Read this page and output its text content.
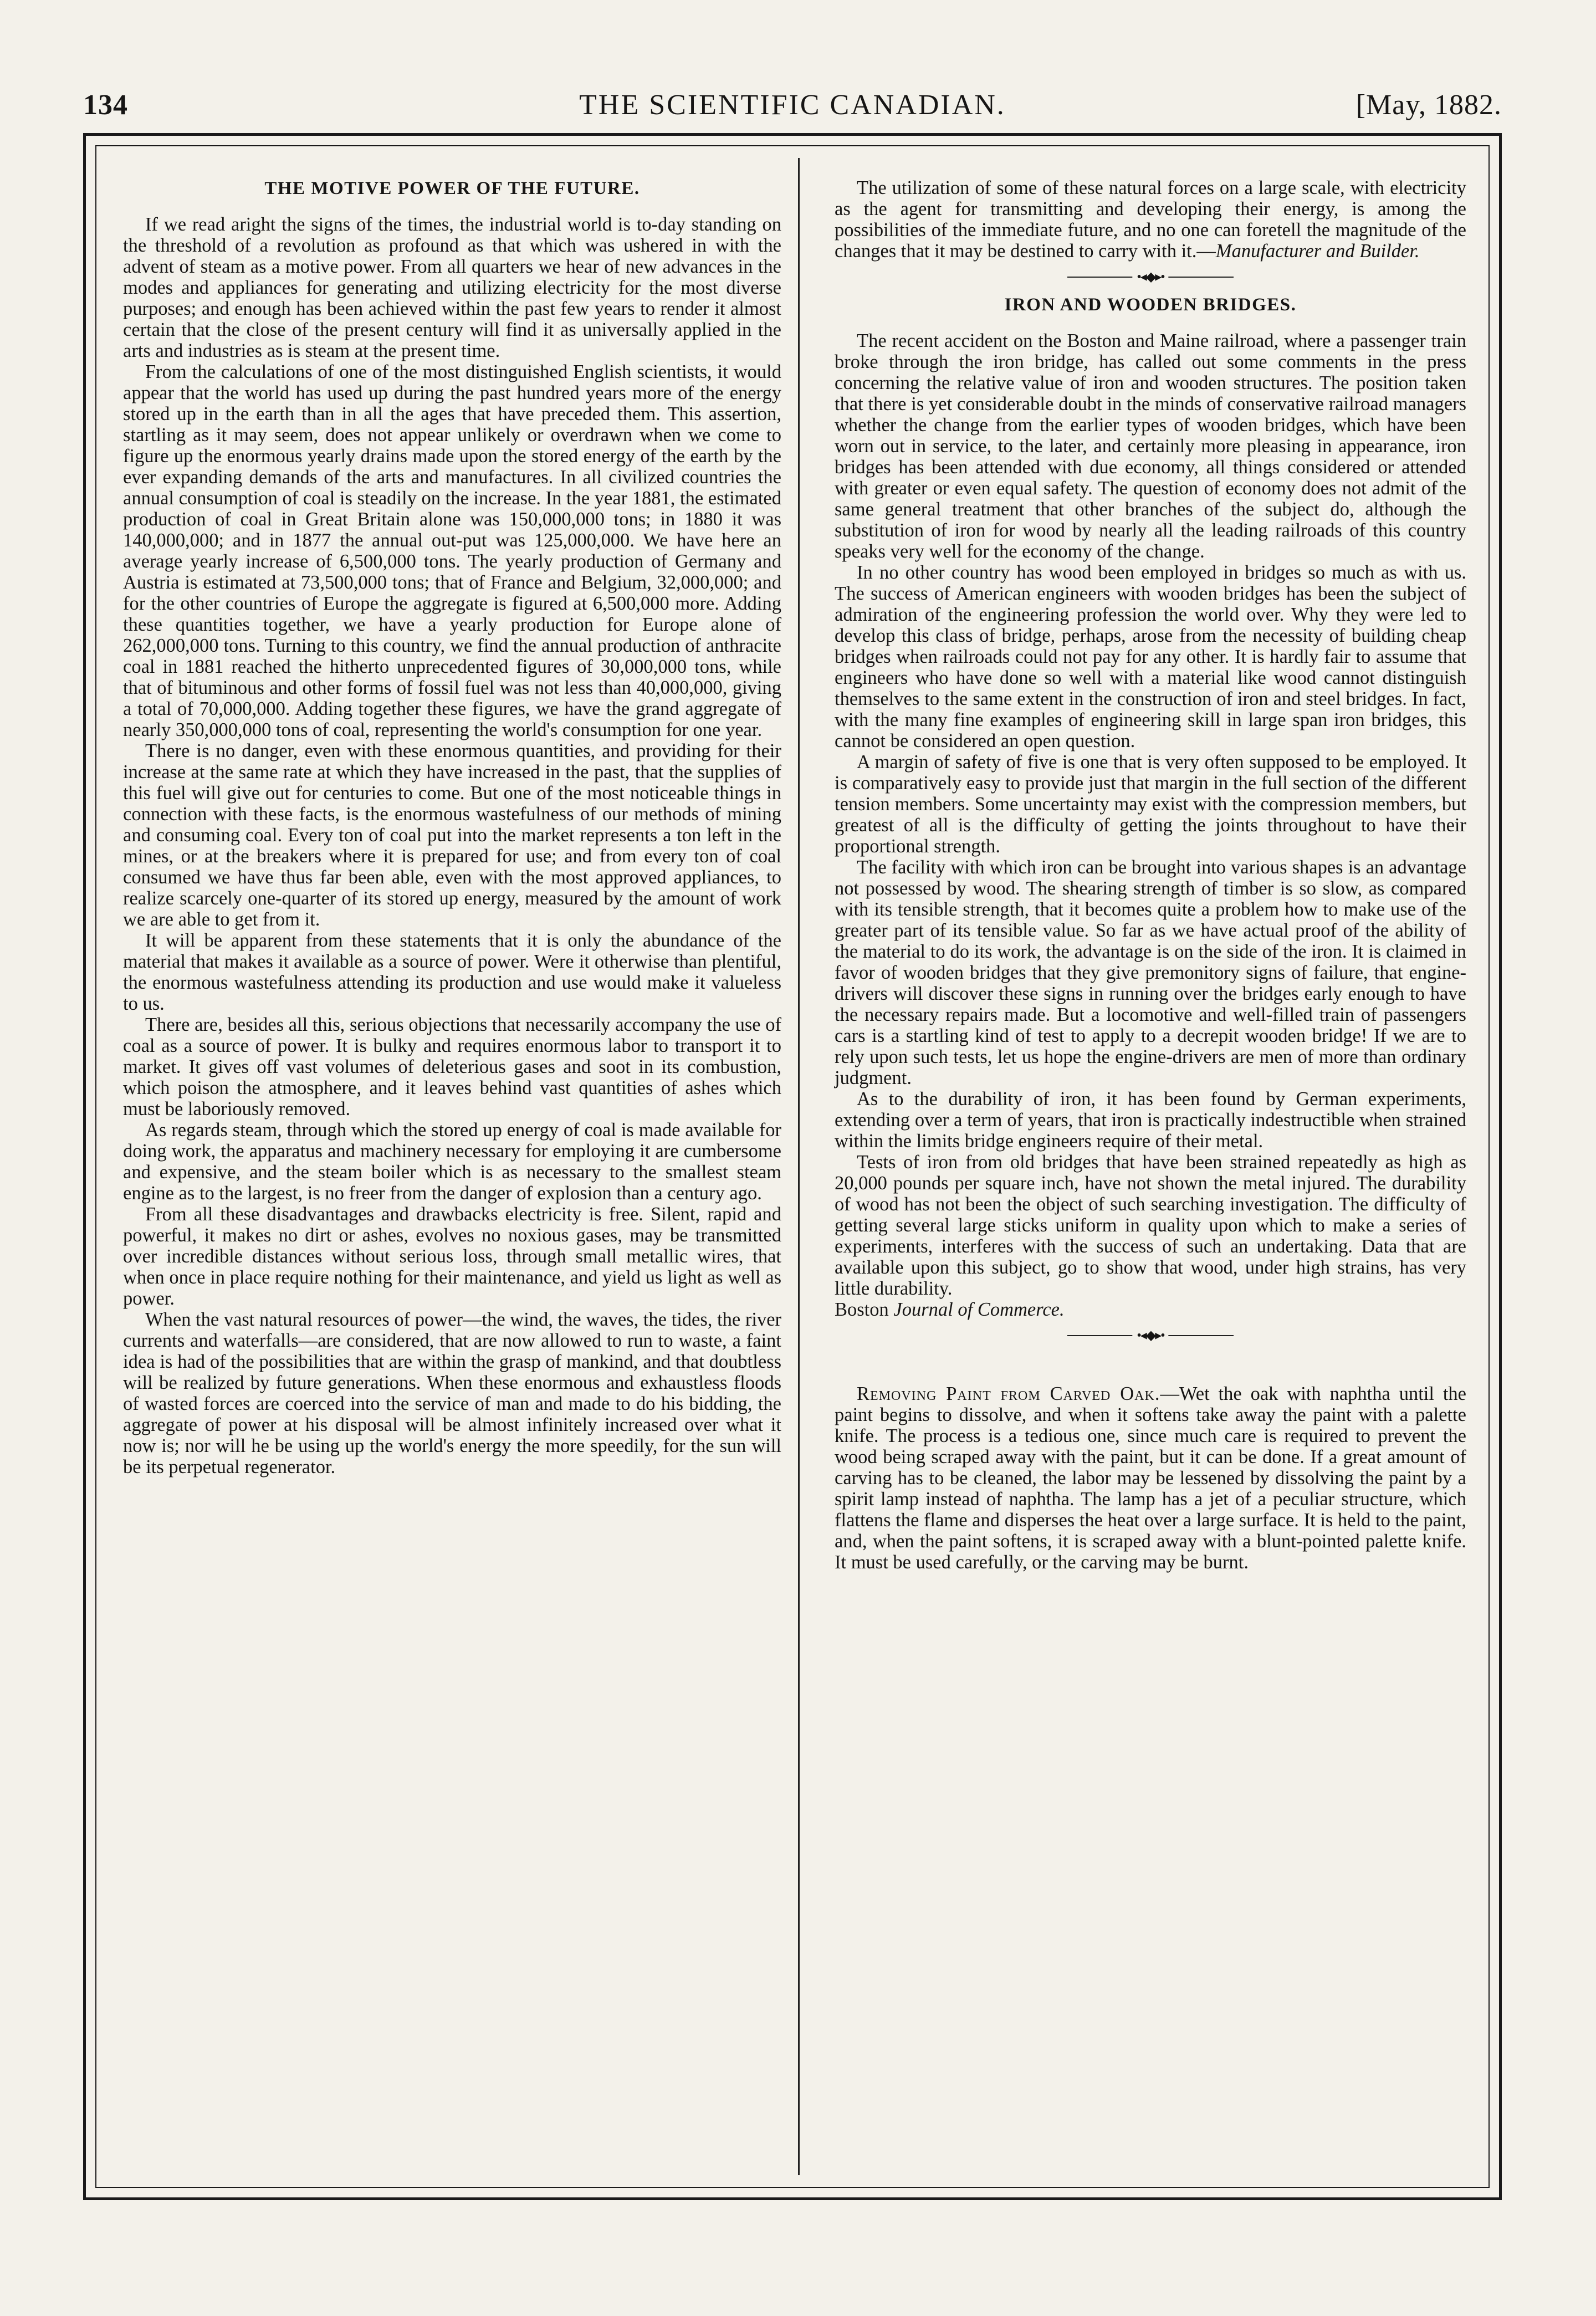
134	THE SCIENTIFIC CANADIAN.	[May, 1882.
THE MOTIVE POWER OF THE FUTURE.

If we read aright the signs of the times, the industrial world is to-day standing on the threshold of a revolution as profound as that which was ushered in with the advent of steam as a motive power. From all quarters we hear of new advances in the modes and appliances for generating and utilizing electricity for the most diverse purposes; and enough has been achieved within the past few years to render it almost certain that the close of the present century will find it as universally applied in the arts and industries as is steam at the present time.

From the calculations of one of the most distinguished English scientists, it would appear that the world has used up during the past hundred years more of the energy stored up in the earth than in all the ages that have preceded them. This assertion, startling as it may seem, does not appear unlikely or overdrawn when we come to figure up the enormous yearly drains made upon the stored energy of the earth by the ever expanding demands of the arts and manufactures. In all civilized countries the annual consumption of coal is steadily on the increase. In the year 1881, the estimated production of coal in Great Britain alone was 150,000,000 tons; in 1880 it was 140,000,000; and in 1877 the annual out-put was 125,000,000. We have here an average yearly increase of 6,500,000 tons. The yearly production of Germany and Austria is estimated at 73,500,000 tons; that of France and Belgium, 32,000,000; and for the other countries of Europe the aggregate is figured at 6,500,000 more. Adding these quantities together, we have a yearly production for Europe alone of 262,000,000 tons. Turning to this country, we find the annual production of anthracite coal in 1881 reached the hitherto unprecedented figures of 30,000,000 tons, while that of bituminous and other forms of fossil fuel was not less than 40,000,000, giving a total of 70,000,000. Adding together these figures, we have the grand aggregate of nearly 350,000,000 tons of coal, representing the world's consumption for one year.

There is no danger, even with these enormous quantities, and providing for their increase at the same rate at which they have increased in the past, that the supplies of this fuel will give out for centuries to come. But one of the most noticeable things in connection with these facts, is the enormous wastefulness of our methods of mining and consuming coal. Every ton of coal put into the market represents a ton left in the mines, or at the breakers where it is prepared for use; and from every ton of coal consumed we have thus far been able, even with the most approved appliances, to realize scarcely one-quarter of its stored up energy, measured by the amount of work we are able to get from it.

It will be apparent from these statements that it is only the abundance of the material that makes it available as a source of power. Were it otherwise than plentiful, the enormous wastefulness attending its production and use would make it valueless to us.

There are, besides all this, serious objections that necessarily accompany the use of coal as a source of power. It is bulky and requires enormous labor to transport it to market. It gives off vast volumes of deleterious gases and soot in its combustion, which poison the atmosphere, and it leaves behind vast quantities of ashes which must be laboriously removed.

As regards steam, through which the stored up energy of coal is made available for doing work, the apparatus and machinery necessary for employing it are cumbersome and expensive, and the steam boiler which is as necessary to the smallest steam engine as to the largest, is no freer from the danger of explosion than a century ago.

From all these disadvantages and drawbacks electricity is free. Silent, rapid and powerful, it makes no dirt or ashes, evolves no noxious gases, may be transmitted over incredible distances without serious loss, through small metallic wires, that when once in place require nothing for their maintenance, and yield us light as well as power.

When the vast natural resources of power—the wind, the waves, the tides, the river currents and waterfalls—are considered, that are now allowed to run to waste, a faint idea is had of the possibilities that are within the grasp of mankind, and that doubtless will be realized by future generations. When these enormous and exhaustless floods of wasted forces are coerced into the service of man and made to do his bidding, the aggregate of power at his disposal will be almost infinitely increased over what it now is; nor will he be using up the world's energy the more speedily, for the sun will be its perpetual regenerator.

The utilization of some of these natural forces on a large scale, with electricity as the agent for transmitting and developing their energy, is among the possibilities of the immediate future, and no one can foretell the magnitude of the changes that it may be destined to carry with it.—Manufacturer and Builder.

•◂◆▸•
IRON AND WOODEN BRIDGES.

The recent accident on the Boston and Maine railroad, where a passenger train broke through the iron bridge, has called out some comments in the press concerning the relative value of iron and wooden structures. The position taken that there is yet considerable doubt in the minds of conservative railroad managers whether the change from the earlier types of wooden bridges, which have been worn out in service, to the later, and certainly more pleasing in appearance, iron bridges has been attended with due economy, all things considered or attended with greater or even equal safety. The question of economy does not admit of the same general treatment that other branches of the subject do, although the substitution of iron for wood by nearly all the leading railroads of this country speaks very well for the economy of the change.

In no other country has wood been employed in bridges so much as with us. The success of American engineers with wooden bridges has been the subject of admiration of the engineering profession the world over. Why they were led to develop this class of bridge, perhaps, arose from the necessity of building cheap bridges when railroads could not pay for any other. It is hardly fair to assume that engineers who have done so well with a material like wood cannot distinguish themselves to the same extent in the construction of iron and steel bridges. In fact, with the many fine examples of engineering skill in large span iron bridges, this cannot be considered an open question.

A margin of safety of five is one that is very often supposed to be employed. It is comparatively easy to provide just that margin in the full section of the different tension members. Some uncertainty may exist with the compression members, but greatest of all is the difficulty of getting the joints throughout to have their proportional strength.

The facility with which iron can be brought into various shapes is an advantage not possessed by wood. The shearing strength of timber is so slow, as compared with its tensible strength, that it becomes quite a problem how to make use of the greater part of its tensible value. So far as we have actual proof of the ability of the material to do its work, the advantage is on the side of the iron. It is claimed in favor of wooden bridges that they give premonitory signs of failure, that engine-drivers will discover these signs in running over the bridges early enough to have the necessary repairs made. But a locomotive and well-filled train of passengers cars is a startling kind of test to apply to a decrepit wooden bridge! If we are to rely upon such tests, let us hope the engine-drivers are men of more than ordinary judgment.

As to the durability of iron, it has been found by German experiments, extending over a term of years, that iron is practically indestructible when strained within the limits bridge engineers require of their metal.

Tests of iron from old bridges that have been strained repeatedly as high as 20,000 pounds per square inch, have not shown the metal injured. The durability of wood has not been the object of such searching investigation. The difficulty of getting several large sticks uniform in quality upon which to make a series of experiments, interferes with the success of such an undertaking. Data that are available upon this subject, go to show that wood, under high strains, has very little durability.

Boston Journal of Commerce.

•◂◆▸•

Removing Paint from Carved Oak.—Wet the oak with naphtha until the paint begins to dissolve, and when it softens take away the paint with a palette knife. The process is a tedious one, since much care is required to prevent the wood being scraped away with the paint, but it can be done. If a great amount of carving has to be cleaned, the labor may be lessened by dissolving the paint by a spirit lamp instead of naphtha. The lamp has a jet of a peculiar structure, which flattens the flame and disperses the heat over a large surface. It is held to the paint, and, when the paint softens, it is scraped away with a blunt-pointed palette knife. It must be used carefully, or the carving may be burnt.
